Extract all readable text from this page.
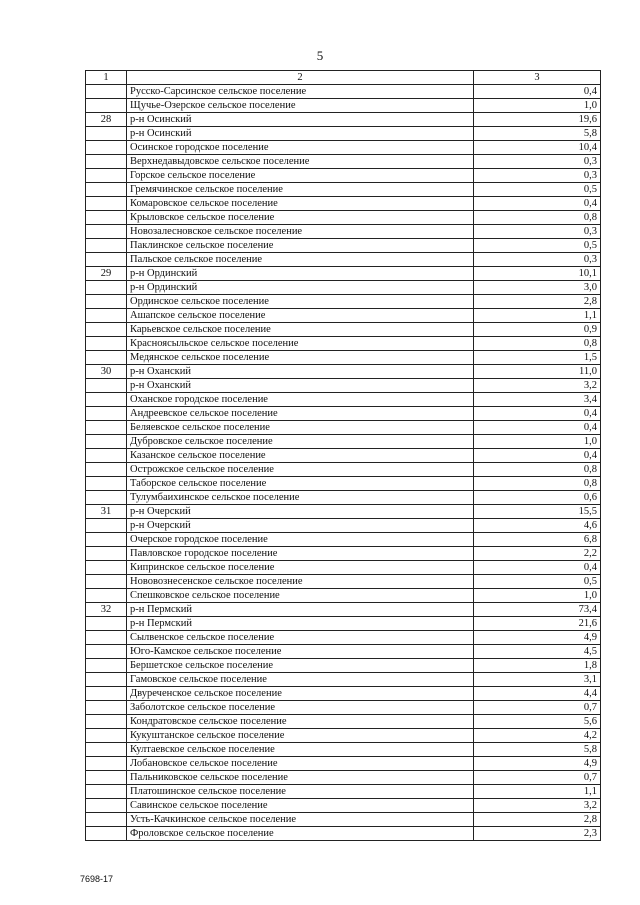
5
1	2	3
	Русско-Сарсинское сельское поселение	0,4
	Щучье-Озерское сельское поселение	1,0
28	р-н Осинский	19,6
	р-н Осинский	5,8
	Осинское городское поселение	10,4
	Верхнедавыдовское сельское поселение	0,3
	Горское сельское поселение	0,3
	Гремячинское сельское поселение	0,5
	Комаровское сельское поселение	0,4
	Крыловское сельское поселение	0,8
	Новозалесновское сельское поселение	0,3
	Паклинское сельское поселение	0,5
	Пальское сельское поселение	0,3
29	р-н Ординский	10,1
	р-н Ординский	3,0
	Ординское сельское поселение	2,8
	Ашапское сельское поселение	1,1
	Карьевское сельское поселение	0,9
	Красноясыльское сельское поселение	0,8
	Медянское сельское поселение	1,5
30	р-н Оханский	11,0
	р-н Оханский	3,2
	Оханское городское поселение	3,4
	Андреевское сельское поселение	0,4
	Беляевское сельское поселение	0,4
	Дубровское сельское поселение	1,0
	Казанское сельское поселение	0,4
	Острожское сельское поселение	0,8
	Таборское сельское поселение	0,8
	Тулумбаихинское сельское поселение	0,6
31	р-н Очерский	15,5
	р-н Очерский	4,6
	Очерское городское поселение	6,8
	Павловское городское поселение	2,2
	Кипринское сельское поселение	0,4
	Нововознесенское сельское поселение	0,5
	Спешковское сельское поселение	1,0
32	р-н Пермский	73,4
	р-н Пермский	21,6
	Сылвенское сельское поселение	4,9
	Юго-Камское сельское поселение	4,5
	Бершетское сельское поселение	1,8
	Гамовское сельское поселение	3,1
	Двуреченское сельское поселение	4,4
	Заболотское сельское поселение	0,7
	Кондратовское сельское поселение	5,6
	Кукуштанское сельское поселение	4,2
	Култаевское сельское поселение	5,8
	Лобановское сельское поселение	4,9
	Пальниковское сельское поселение	0,7
	Платошинское сельское поселение	1,1
	Савинское сельское поселение	3,2
	Усть-Качкинское сельское поселение	2,8
	Фроловское сельское поселение	2,3
7698-17
